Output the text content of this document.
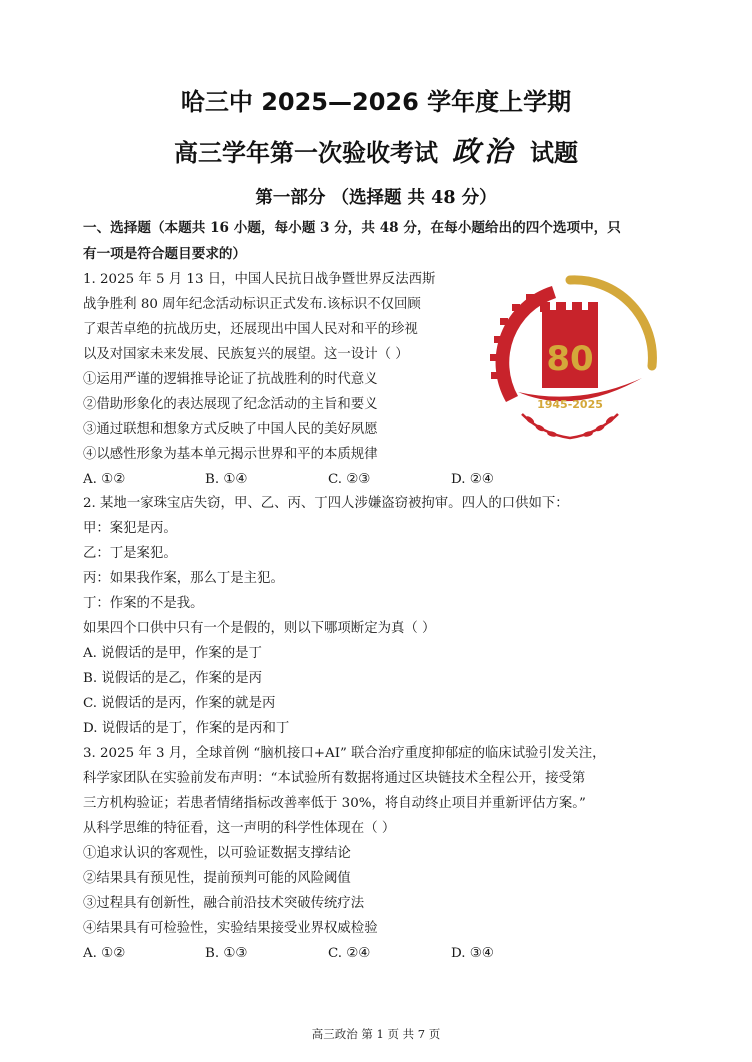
哈三中 2025—2026 学年度上学期
高三学年第一次验收考试 政治 试题
第一部分 （选择题 共 48 分）
一、选择题（本题共 16 小题，每小题 3 分，共 48 分，在每小题给出的四个选项中，只
有一项是符合题目要求的）
1. 2025 年 5 月 13 日，中国人民抗日战争暨世界反法西斯
战争胜利 80 周年纪念活动标识正式发布.该标识不仅回顾
了艰苦卓绝的抗战历史，还展现出中国人民对和平的珍视
以及对国家未来发展、民族复兴的展望。这一设计（ ）
①运用严谨的逻辑推导论证了抗战胜利的时代意义
②借助形象化的表达展现了纪念活动的主旨和要义
③通过联想和想象方式反映了中国人民的美好夙愿
④以感性形象为基本单元揭示世界和平的本质规律
A. ①②	B. ①④	C. ②③	D. ②④
80
1945-2025
2. 某地一家珠宝店失窃，甲、乙、丙、丁四人涉嫌盗窃被拘审。四人的口供如下：
甲：案犯是丙。
乙：丁是案犯。
丙：如果我作案，那么丁是主犯。
丁：作案的不是我。
如果四个口供中只有一个是假的，则以下哪项断定为真（ ）
A. 说假话的是甲，作案的是丁
B. 说假话的是乙，作案的是丙
C. 说假话的是丙，作案的就是丙
D. 说假话的是丁，作案的是丙和丁
3. 2025 年 3 月，全球首例 “脑机接口+AI” 联合治疗重度抑郁症的临床试验引发关注，
科学家团队在实验前发布声明：“本试验所有数据将通过区块链技术全程公开，接受第
三方机构验证；若患者情绪指标改善率低于 30%，将自动终止项目并重新评估方案。”
从科学思维的特征看，这一声明的科学性体现在（ ）
①追求认识的客观性，以可验证数据支撑结论
②结果具有预见性，提前预判可能的风险阈值
③过程具有创新性，融合前沿技术突破传统疗法
④结果具有可检验性，实验结果接受业界权威检验
A. ①②	B. ①③	C. ②④	D. ③④
高三政治 第 1 页 共 7 页
